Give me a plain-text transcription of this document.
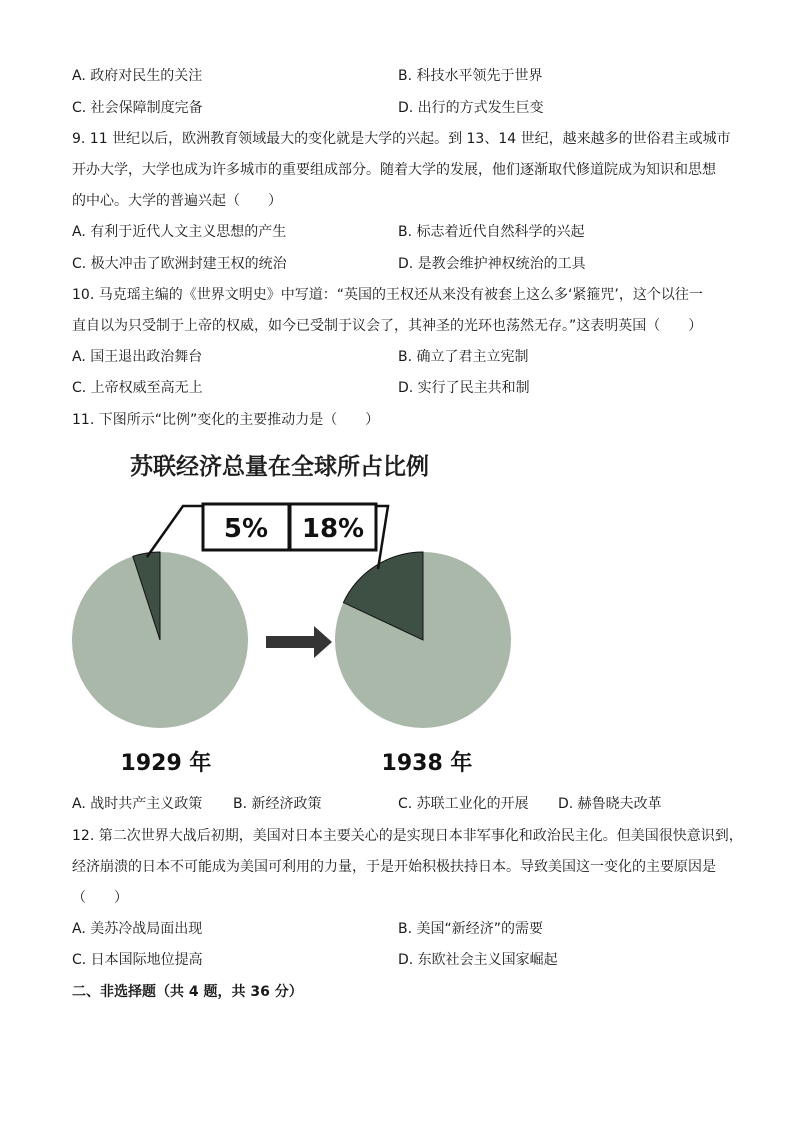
A. 政府对民生的关注	B. 科技水平领先于世界
C. 社会保障制度完备	D. 出行的方式发生巨变
9. 11 世纪以后，欧洲教育领域最大的变化就是大学的兴起。到 13、14 世纪，越来越多的世俗君主或城市
开办大学，大学也成为许多城市的重要组成部分。随着大学的发展，他们逐渐取代修道院成为知识和思想
的中心。大学的普遍兴起（　　）
A. 有利于近代人文主义思想的产生	B. 标志着近代自然科学的兴起
C. 极大冲击了欧洲封建王权的统治	D. 是教会维护神权统治的工具
10. 马克瑶主编的《世界文明史》中写道：“英国的王权还从来没有被套上这么多‘紧箍咒’，这个以往一
直自以为只受制于上帝的权威，如今已受制于议会了，其神圣的光环也荡然无存。”这表明英国（　　）
A. 国王退出政治舞台	B. 确立了君主立宪制
C. 上帝权威至高无上	D. 实行了民主共和制
11. 下图所示“比例”变化的主要推动力是（　　）
苏联经济总量在全球所占比例
5%
1929 年
18%
1938 年
A. 战时共产主义政策 B. 新经济政策	C. 苏联工业化的开展 D. 赫鲁晓夫改革
12. 第二次世界大战后初期，美国对日本主要关心的是实现日本非军事化和政治民主化。但美国很快意识到，
经济崩溃的日本不可能成为美国可利用的力量，于是开始积极扶持日本。导致美国这一变化的主要原因是
（　　）
A. 美苏冷战局面出现	B. 美国“新经济”的需要
C. 日本国际地位提高	D. 东欧社会主义国家崛起
二、非选择题（共 4 题，共 36 分）
